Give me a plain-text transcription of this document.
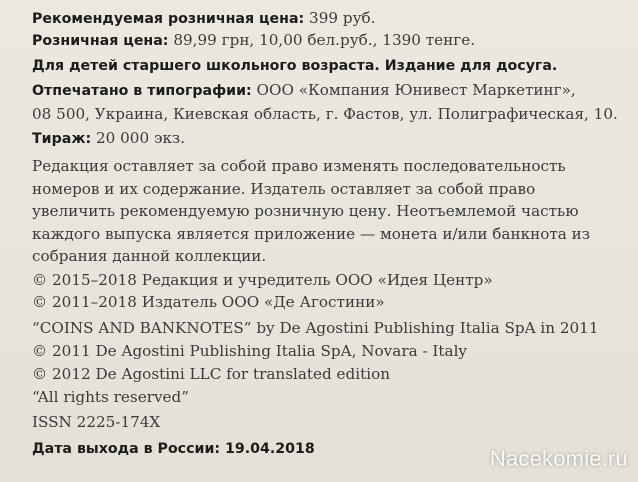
Рекомендуемая розничная цена: 399 руб.
Розничная цена: 89,99 грн, 10,00 бел.руб., 1390 тенге.
Для детей старшего школьного возраста. Издание для досуга.
Отпечатано в типографии: ООО «Компания Юнивест Маркетинг»,
08 500, Украина, Киевская область, г. Фастов, ул. Полиграфическая, 10.
Тираж: 20 000 экз.
Редакция оставляет за собой право изменять последовательность номеров и их содержание. Издатель оставляет за собой право увеличить рекомендуемую розничную цену. Неотъемлемой частью каждого выпуска является приложение — монета и/или банкнота из собрания данной коллекции.
© 2015–2018 Редакция и учредитель ООО «Идея Центр»
© 2011–2018 Издатель ООО «Де Агостини»
“COINS AND BANKNOTES” by De Agostini Publishing Italia SpA in 2011
© 2011 De Agostini Publishing Italia SpA, Novara - Italy
© 2012 De Agostini LLC for translated edition
“All rights reserved”
ISSN 2225-174X
Дата выхода в России: 19.04.2018	Nacekomie.ru
